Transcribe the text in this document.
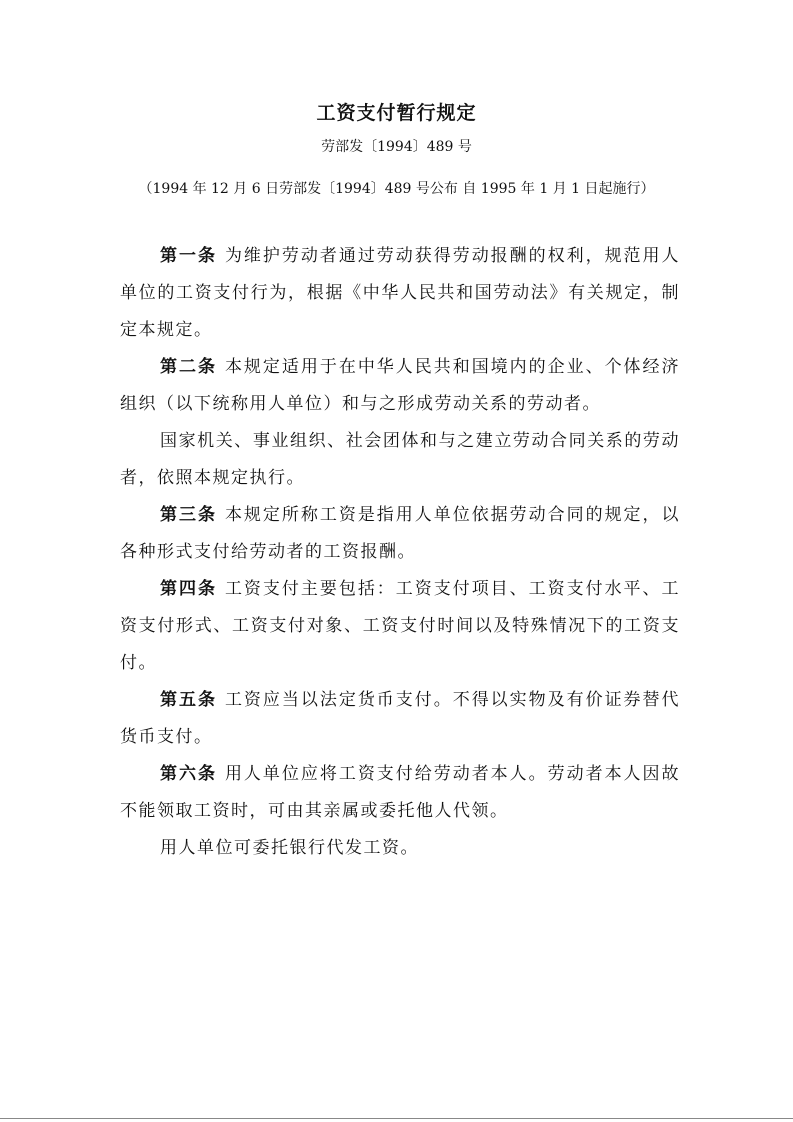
工资支付暂行规定
劳部发〔1994〕489 号
（1994 年 12 月 6 日劳部发〔1994〕489 号公布 自 1995 年 1 月 1 日起施行）

第一条 为维护劳动者通过劳动获得劳动报酬的权利，规范用人单位的工资支付行为，根据《中华人民共和国劳动法》有关规定，制定本规定。

第二条 本规定适用于在中华人民共和国境内的企业、个体经济组织（以下统称用人单位）和与之形成劳动关系的劳动者。

国家机关、事业组织、社会团体和与之建立劳动合同关系的劳动者，依照本规定执行。

第三条 本规定所称工资是指用人单位依据劳动合同的规定，以各种形式支付给劳动者的工资报酬。

第四条 工资支付主要包括：工资支付项目、工资支付水平、工资支付形式、工资支付对象、工资支付时间以及特殊情况下的工资支付。

第五条 工资应当以法定货币支付。不得以实物及有价证券替代货币支付。

第六条 用人单位应将工资支付给劳动者本人。劳动者本人因故不能领取工资时，可由其亲属或委托他人代领。

用人单位可委托银行代发工资。
